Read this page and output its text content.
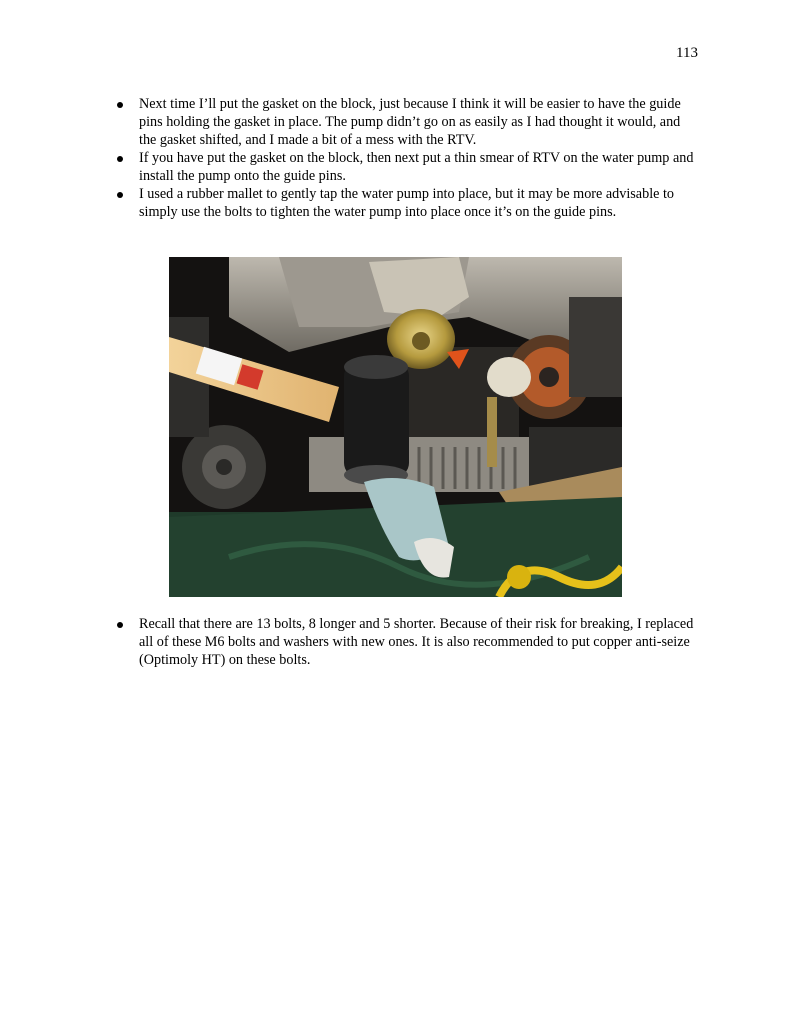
113
Next time I’ll put the gasket on the block, just because I think it will be easier to have the guide pins holding the gasket in place. The pump didn’t go on as easily as I had thought it would, and the gasket shifted, and I made a bit of a mess with the RTV.
If you have put the gasket on the block, then next put a thin smear of RTV on the water pump and install the pump onto the guide pins.
I used a rubber mallet to gently tap the water pump into place, but it may be more advisable to simply use the bolts to tighten the water pump into place once it’s on the guide pins.
Recall that there are 13 bolts, 8 longer and 5 shorter. Because of their risk for breaking, I replaced all of these M6 bolts and washers with new ones. It is also recommended to put copper anti-seize (Optimoly HT) on these bolts.
